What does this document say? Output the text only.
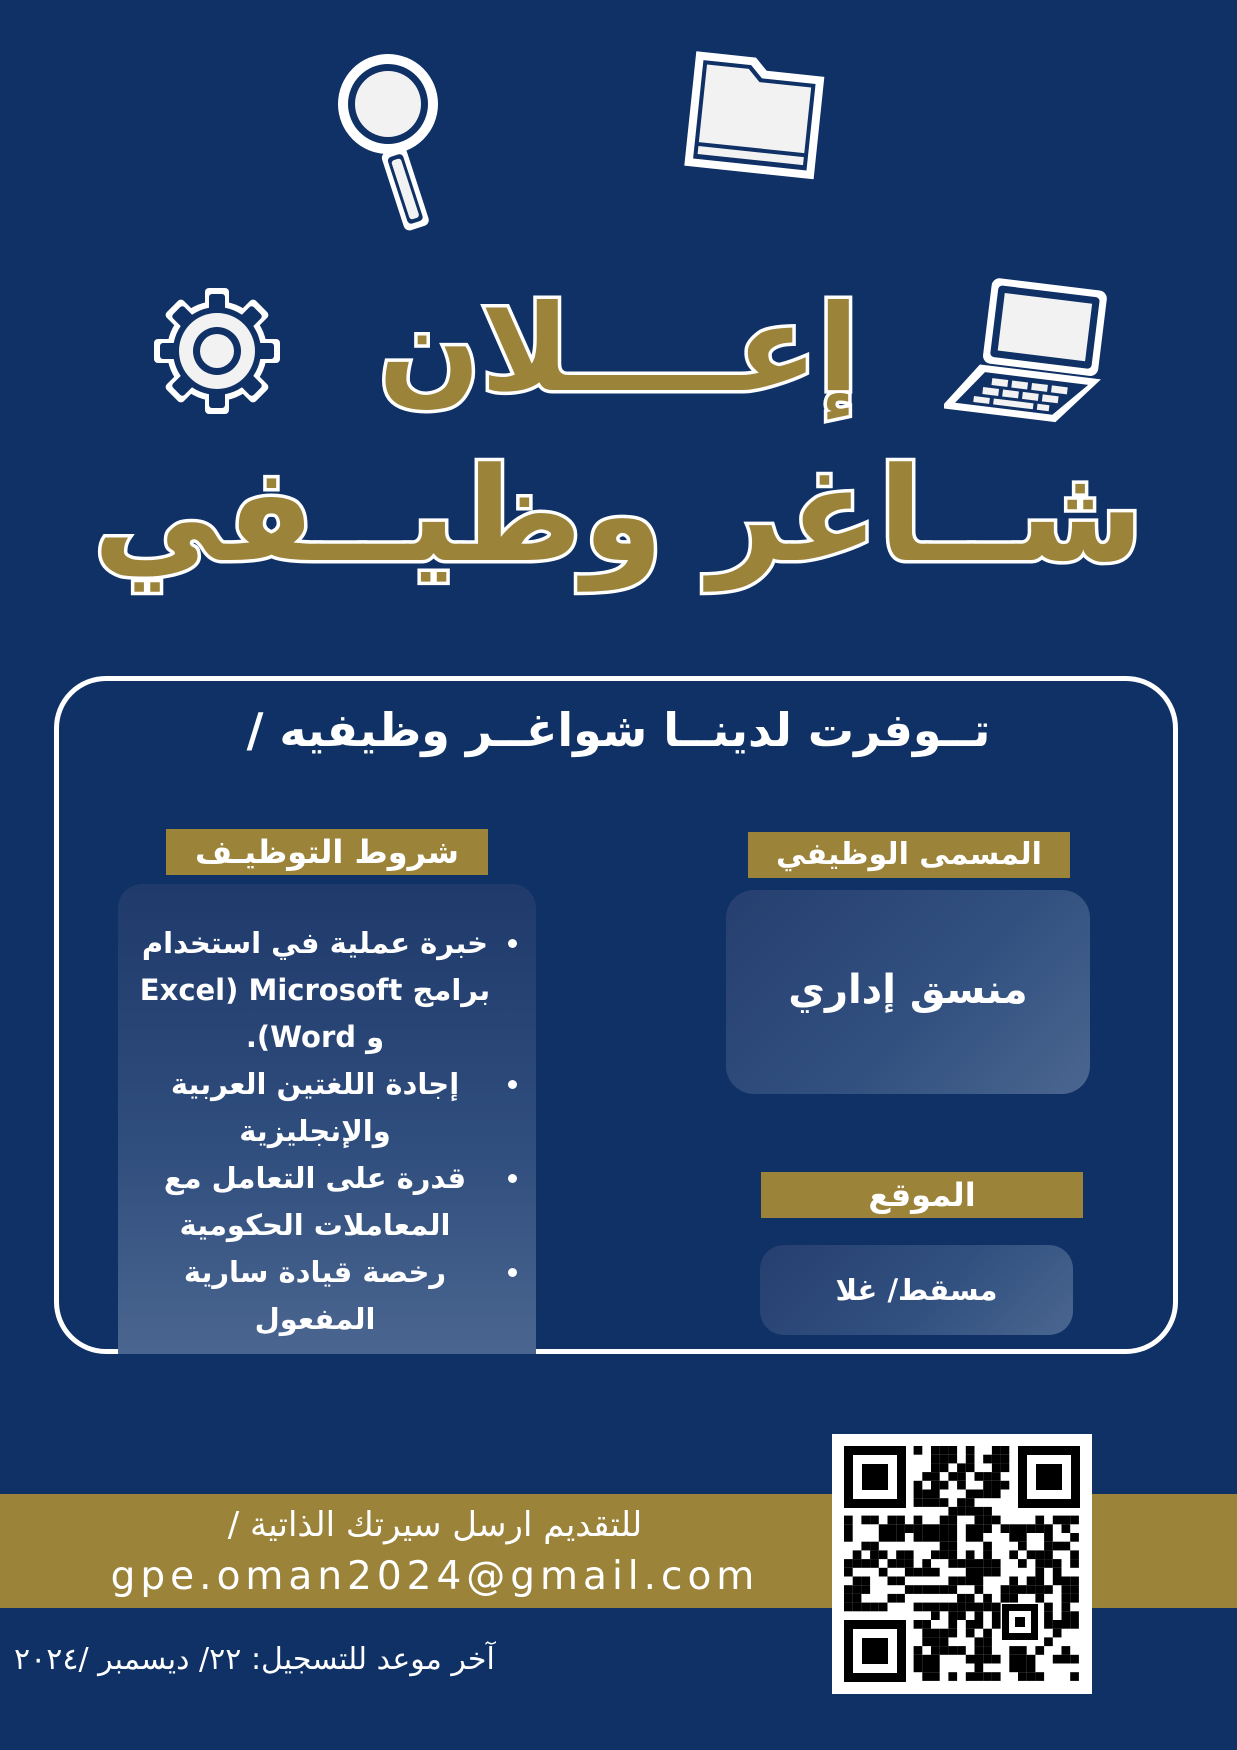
إعــــلان
شــاغر وظيــفي
تــوفرت لدينــا شواغــر وظيفيه /
المسمى الوظيفي
منسق إداري
الموقع
مسقط/ غلا
شروط التوظيـف
• خبرة عملية في استخدام برامج Microsoft (Excel و Word).
• إجادة اللغتين العربية والإنجليزية
• قدرة على التعامل مع المعاملات الحكومية
• رخصة قيادة سارية المفعول
للتقديم ارسل سيرتك الذاتية /
gpe.oman2024@gmail.com
آخر موعد للتسجيل: ٢٢/ ديسمبر /٢٠٢٤
